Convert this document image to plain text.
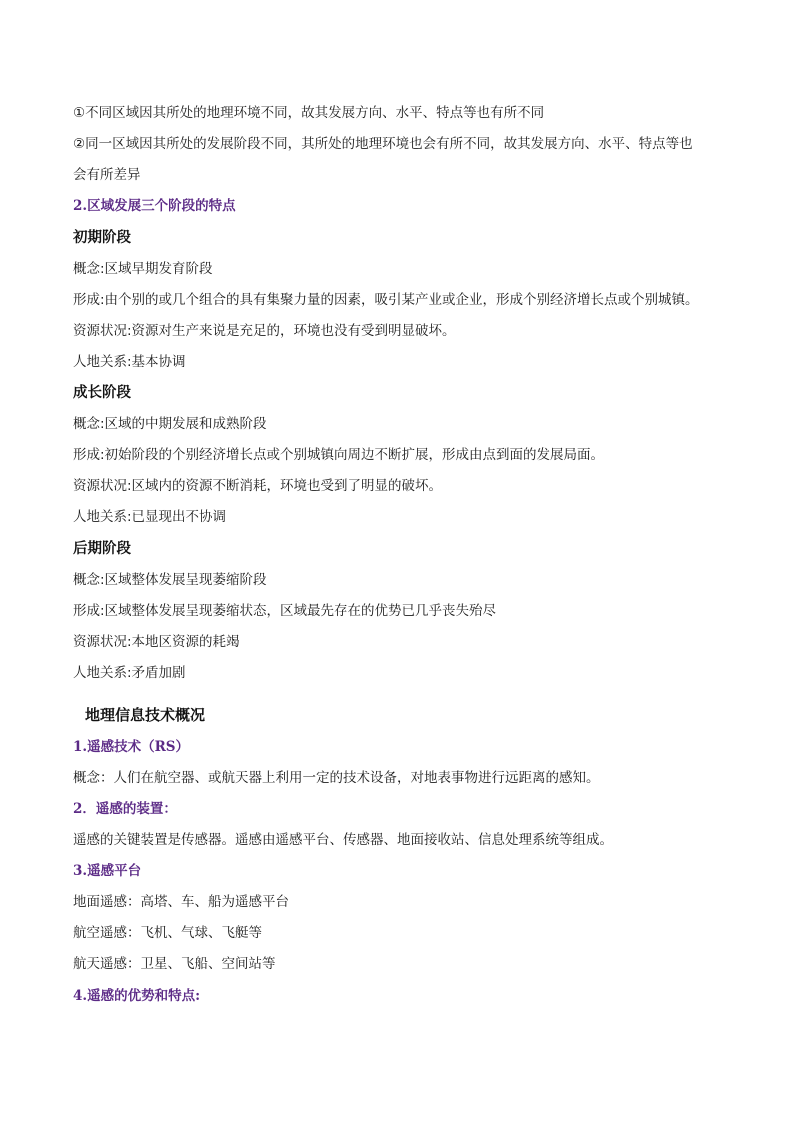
①不同区域因其所处的地理环境不同，故其发展方向、水平、特点等也有所不同
②同一区域因其所处的发展阶段不同，其所处的地理环境也会有所不同，故其发展方向、水平、特点等也
会有所差异
2.区域发展三个阶段的特点
初期阶段
概念:区域早期发育阶段
形成:由个别的或几个组合的具有集聚力量的因素，吸引某产业或企业，形成个别经济增长点或个别城镇。
资源状况:资源对生产来说是充足的，环境也没有受到明显破坏。
人地关系:基本协调
成长阶段
概念:区域的中期发展和成熟阶段
形成:初始阶段的个别经济增长点或个别城镇向周边不断扩展，形成由点到面的发展局面。
资源状况:区域内的资源不断消耗，环境也受到了明显的破坏。
人地关系:已显现出不协调
后期阶段
概念:区域整体发展呈现萎缩阶段
形成:区域整体发展呈现萎缩状态，区域最先存在的优势已几乎丧失殆尽
资源状况:本地区资源的耗竭
人地关系:矛盾加剧
地理信息技术概况
1.遥感技术（RS）
概念：人们在航空器、或航天器上利用一定的技术设备，对地表事物进行远距离的感知。
2．遥感的装置：
遥感的关键装置是传感器。遥感由遥感平台、传感器、地面接收站、信息处理系统等组成。
3.遥感平台
地面遥感：高塔、车、船为遥感平台
航空遥感：飞机、气球、飞艇等
航天遥感：卫星、飞船、空间站等
4.遥感的优势和特点:
